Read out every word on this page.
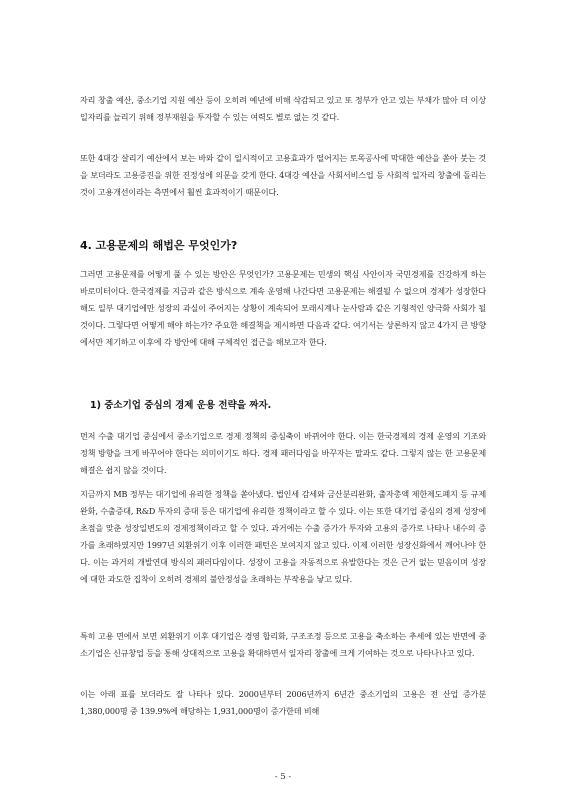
자리 창출 예산, 중소기업 지원 예산 등이 오히려 예년에 비해 삭감되고 있고 또 정부가 안고 있는 부채가 많아 더 이상 일자리를 늘리기 위해 정부재원을 투자할 수 있는 여력도 별로 없는 것 같다.

또한 4대강 살리기 예산에서 보는 바와 같이 일시적이고 고용효과가 떨어지는 토목공사에 막대한 예산을 쏟아 붓는 것을 보더라도 고용증진을 위한 진정성에 의문을 갖게 한다. 4대강 예산을 사회서비스업 등 사회적 일자리 창출에 돌리는 것이 고용개선이라는 측면에서 훨씬 효과적이기 때문이다.

4. 고용문제의 해법은 무엇인가?

그러면 고용문제를 어떻게 풀 수 있는 방안은 무엇인가? 고용문제는 민생의 핵심 사안이자 국민경제를 건강하게 하는 바로미터이다. 한국경제를 지금과 같은 방식으로 계속 운영해 나간다면 고용문제는 해결될 수 없으며 경제가 성장한다 해도 일부 대기업에만 성장의 과실이 주어지는 상황이 계속되어 모래시계나 눈사람과 같은 기형적인 양극화 사회가 될 것이다. 그렇다면 어떻게 해야 하는가? 주요한 해결책을 제시하면 다음과 같다. 여기서는 상론하지 않고 4가지 큰 방향에서만 제기하고 이후에 각 방안에 대해 구체적인 접근을 해보고자 한다.

1) 중소기업 중심의 경제 운용 전략을 짜자.

먼저 수출 대기업 중심에서 중소기업으로 경제 정책의 중심축이 바뀌어야 한다. 이는 한국경제의 경제 운영의 기조와 정책 방향을 크게 바꾸어야 한다는 의미이기도 하다. 경제 패러다임을 바꾸자는 말과도 같다. 그렇지 않는 한 고용문제 해결은 쉽지 않을 것이다.

지금까지 MB 정부는 대기업에 유리한 정책을 쏟아냈다. 법인세 감세와 금산분리완화, 출자총액 제한제도폐지 등 규제완화, 수출증대, R&D 투자의 증대 등은 대기업에 유리한 정책이라고 할 수 있다. 이는 또한 대기업 중심의 경제 성장에 초점을 맞춘 성장일변도의 경제정책이라고 할 수 있다. 과거에는 수출 증가가 투자와 고용의 증가로 나타나 내수의 증가를 초래하였지만 1997년 외환위기 이후 이러한 패턴은 보여지지 않고 있다. 이제 이러한 성장신화에서 깨어나야 한다. 이는 과거의 개발연대 방식의 패러다임이다. 성장이 고용을 자동적으로 유발한다는 것은 근거 없는 믿음이며 성장에 대한 과도한 집착이 오히려 경제의 불안정성을 초래하는 부작용을 낳고 있다.

특히 고용 면에서 보면 외환위기 이후 대기업은 경영 합리화, 구조조정 등으로 고용을 축소하는 추세에 있는 반면에 중소기업은 신규창업 등을 통해 상대적으로 고용을 확대하면서 일자리 창출에 크게 기여하는 것으로 나타나나고 있다.

이는 아래 표를 보더라도 잘 나타나 있다. 2000년부터 2006년까지 6년간 중소기업의 고용은 전 산업 증가분 1,380,000명 중 139.9%에 해당하는 1,931,000명이 증가한데 비해

- 5 -
